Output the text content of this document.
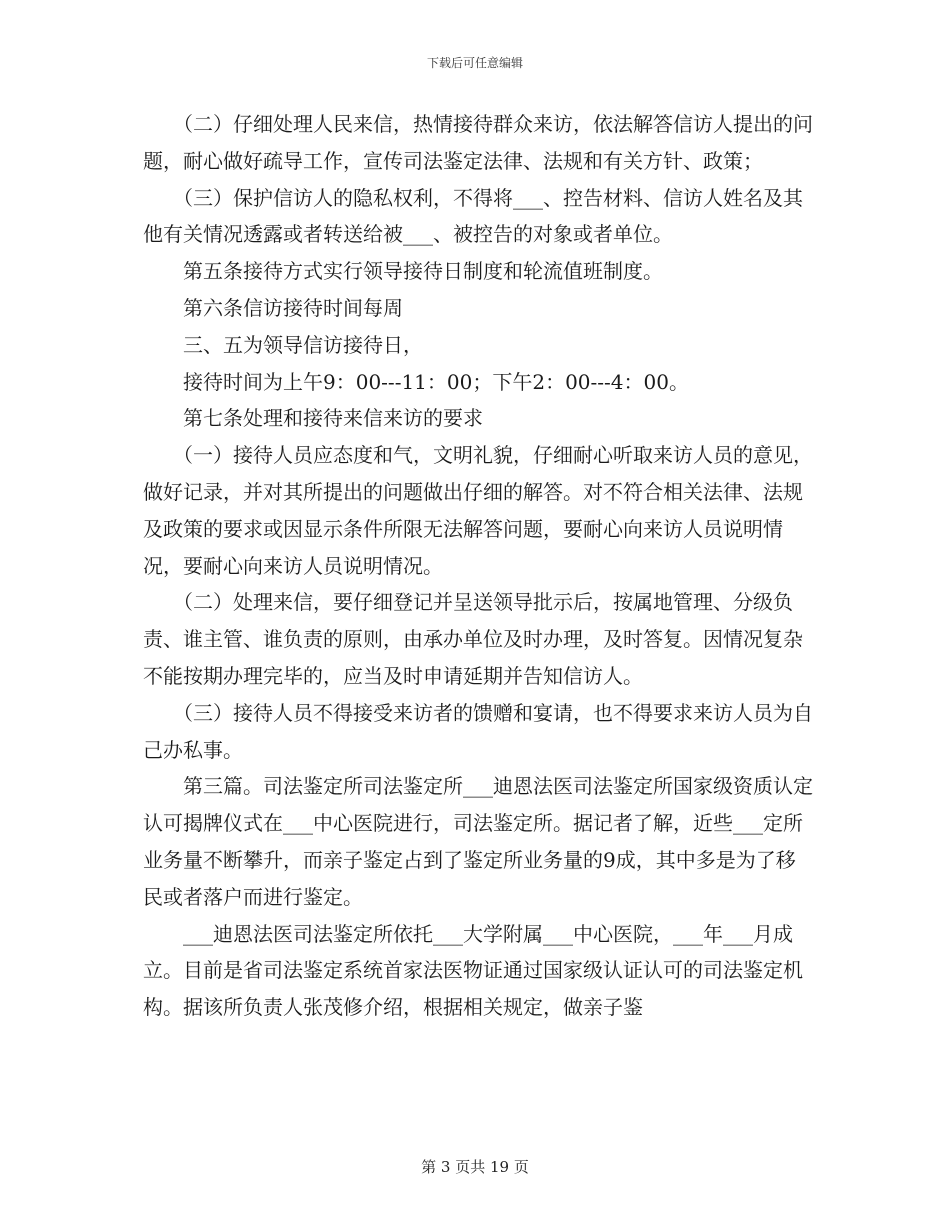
下载后可任意编辑

　　（二）仔细处理人民来信，热情接待群众来访，依法解答信访人提出的问题，耐心做好疏导工作，宣传司法鉴定法律、法规和有关方针、政策；

　　（三）保护信访人的隐私权利，不得将___、控告材料、信访人姓名及其他有关情况透露或者转送给被___、被控告的对象或者单位。

　　第五条接待方式实行领导接待日制度和轮流值班制度。

　　第六条信访接待时间每周

　　三、五为领导信访接待日，

　　接待时间为上午9：00---11：00；下午2：00---4：00。

　　第七条处理和接待来信来访的要求

　　（一）接待人员应态度和气，文明礼貌，仔细耐心听取来访人员的意见，做好记录，并对其所提出的问题做出仔细的解答。对不符合相关法律、法规及政策的要求或因显示条件所限无法解答问题，要耐心向来访人员说明情况，要耐心向来访人员说明情况。

　　（二）处理来信，要仔细登记并呈送领导批示后，按属地管理、分级负责、谁主管、谁负责的原则，由承办单位及时办理，及时答复。因情况复杂不能按期办理完毕的，应当及时申请延期并告知信访人。

　　（三）接待人员不得接受来访者的馈赠和宴请，也不得要求来访人员为自己办私事。

　　第三篇。司法鉴定所司法鉴定所___迪恩法医司法鉴定所国家级资质认定认可揭牌仪式在___中心医院进行，司法鉴定所。据记者了解，近些___定所业务量不断攀升，而亲子鉴定占到了鉴定所业务量的9成，其中多是为了移民或者落户而进行鉴定。

　　___迪恩法医司法鉴定所依托___大学附属___中心医院，___年___月成立。目前是省司法鉴定系统首家法医物证通过国家级认证认可的司法鉴定机构。据该所负责人张茂修介绍，根据相关规定，做亲子鉴

第 3 页共 19 页
